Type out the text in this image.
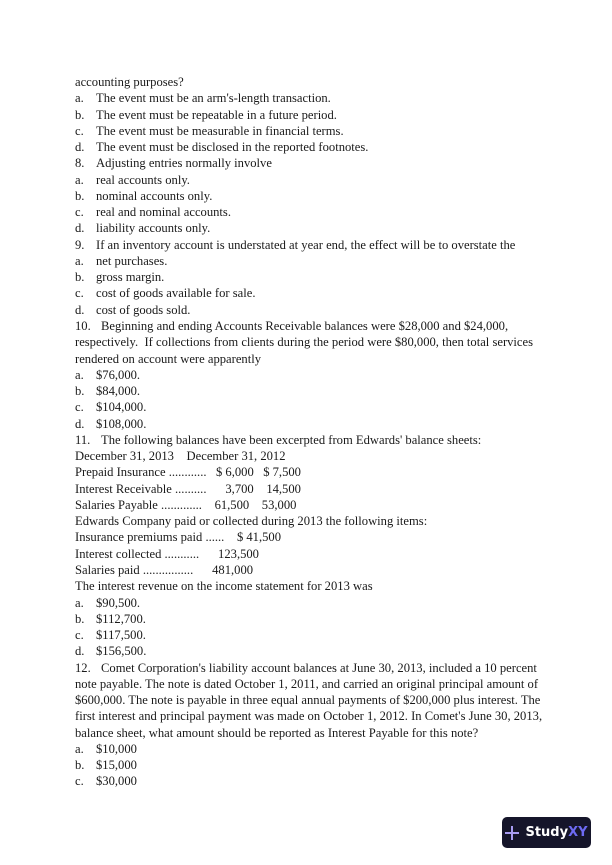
accounting purposes?
a. The event must be an arm's-length transaction.
b. The event must be repeatable in a future period.
c. The event must be measurable in financial terms.
d. The event must be disclosed in the reported footnotes.
8. Adjusting entries normally involve
a. real accounts only.
b. nominal accounts only.
c. real and nominal accounts.
d. liability accounts only.
9. If an inventory account is understated at year end, the effect will be to overstate the
a. net purchases.
b. gross margin.
c. cost of goods available for sale.
d. cost of goods sold.
10. Beginning and ending Accounts Receivable balances were $28,000 and $24,000,
respectively.  If collections from clients during the period were $80,000, then total services
rendered on account were apparently
a. $76,000.
b. $84,000.
c. $104,000.
d. $108,000.
11. The following balances have been excerpted from Edwards' balance sheets:
December 31, 2013    December 31, 2012
Prepaid Insurance ............ $ 6,000 $ 7,500
Interest Receivable ..........      3,700 14,500
Salaries Payable ............. 61,500 53,000
Edwards Company paid or collected during 2013 the following items:
Insurance premiums paid ...... $ 41,500
Interest collected ........... 123,500
Salaries paid ................ 481,000
The interest revenue on the income statement for 2013 was
a. $90,500.
b. $112,700.
c. $117,500.
d. $156,500.
12. Comet Corporation's liability account balances at June 30, 2013, included a 10 percent
note payable. The note is dated October 1, 2011, and carried an original principal amount of
$600,000. The note is payable in three equal annual payments of $200,000 plus interest. The
first interest and principal payment was made on October 1, 2012. In Comet's June 30, 2013,
balance sheet, what amount should be reported as Interest Payable for this note?
a. $10,000
b. $15,000
c. $30,000
StudyXY
